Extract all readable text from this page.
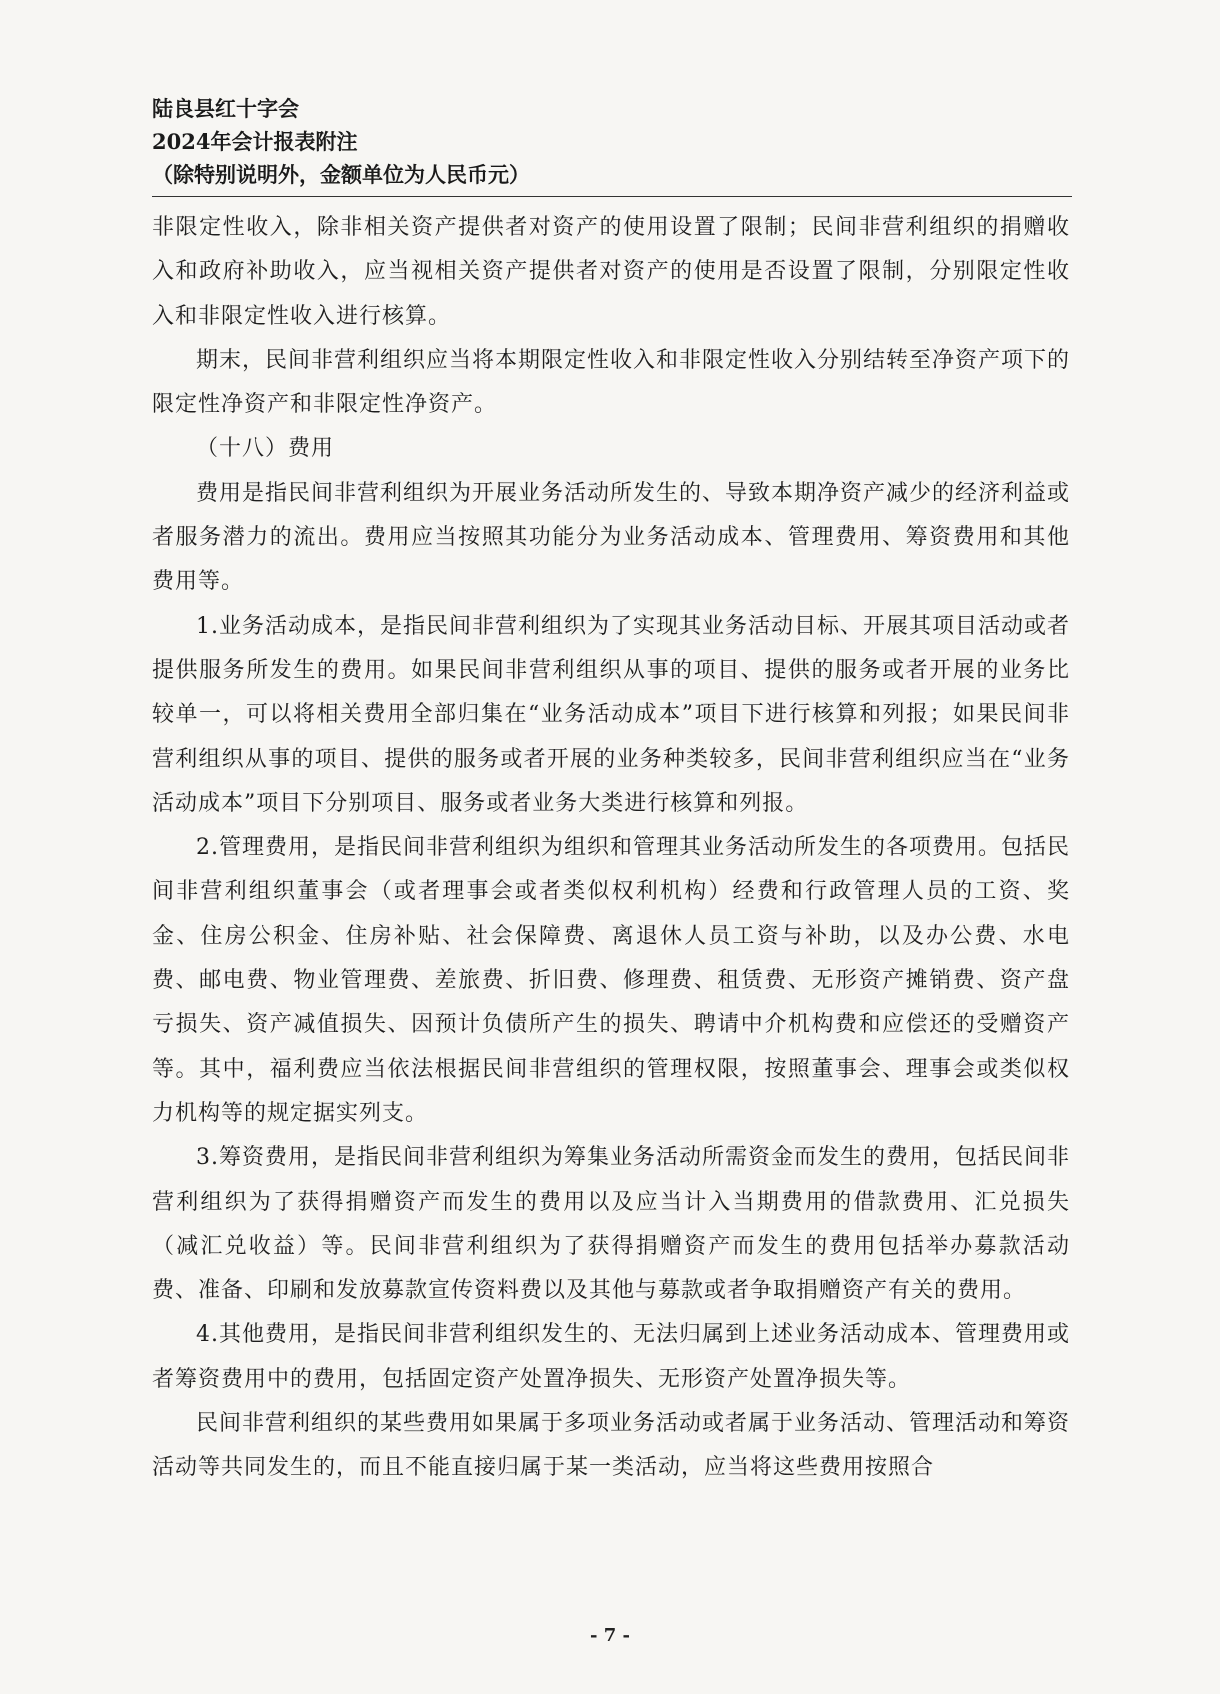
陆良县红十字会
2024年会计报表附注
（除特别说明外，金额单位为人民币元）

非限定性收入，除非相关资产提供者对资产的使用设置了限制；民间非营利组织的捐赠收入和政府补助收入，应当视相关资产提供者对资产的使用是否设置了限制，分别限定性收入和非限定性收入进行核算。

期末，民间非营利组织应当将本期限定性收入和非限定性收入分别结转至净资产项下的限定性净资产和非限定性净资产。

（十八）费用

费用是指民间非营利组织为开展业务活动所发生的、导致本期净资产减少的经济利益或者服务潜力的流出。费用应当按照其功能分为业务活动成本、管理费用、筹资费用和其他费用等。

1.业务活动成本，是指民间非营利组织为了实现其业务活动目标、开展其项目活动或者提供服务所发生的费用。如果民间非营利组织从事的项目、提供的服务或者开展的业务比较单一，可以将相关费用全部归集在“业务活动成本”项目下进行核算和列报；如果民间非营利组织从事的项目、提供的服务或者开展的业务种类较多，民间非营利组织应当在“业务活动成本”项目下分别项目、服务或者业务大类进行核算和列报。

2.管理费用，是指民间非营利组织为组织和管理其业务活动所发生的各项费用。包括民间非营利组织董事会（或者理事会或者类似权利机构）经费和行政管理人员的工资、奖金、住房公积金、住房补贴、社会保障费、离退休人员工资与补助，以及办公费、水电费、邮电费、物业管理费、差旅费、折旧费、修理费、租赁费、无形资产摊销费、资产盘亏损失、资产减值损失、因预计负债所产生的损失、聘请中介机构费和应偿还的受赠资产等。其中，福利费应当依法根据民间非营组织的管理权限，按照董事会、理事会或类似权力机构等的规定据实列支。

3.筹资费用，是指民间非营利组织为筹集业务活动所需资金而发生的费用，包括民间非营利组织为了获得捐赠资产而发生的费用以及应当计入当期费用的借款费用、汇兑损失（减汇兑收益）等。民间非营利组织为了获得捐赠资产而发生的费用包括举办募款活动费、准备、印刷和发放募款宣传资料费以及其他与募款或者争取捐赠资产有关的费用。

4.其他费用，是指民间非营利组织发生的、无法归属到上述业务活动成本、管理费用或者筹资费用中的费用，包括固定资产处置净损失、无形资产处置净损失等。

民间非营利组织的某些费用如果属于多项业务活动或者属于业务活动、管理活动和筹资活动等共同发生的，而且不能直接归属于某一类活动，应当将这些费用按照合

- 7 -
